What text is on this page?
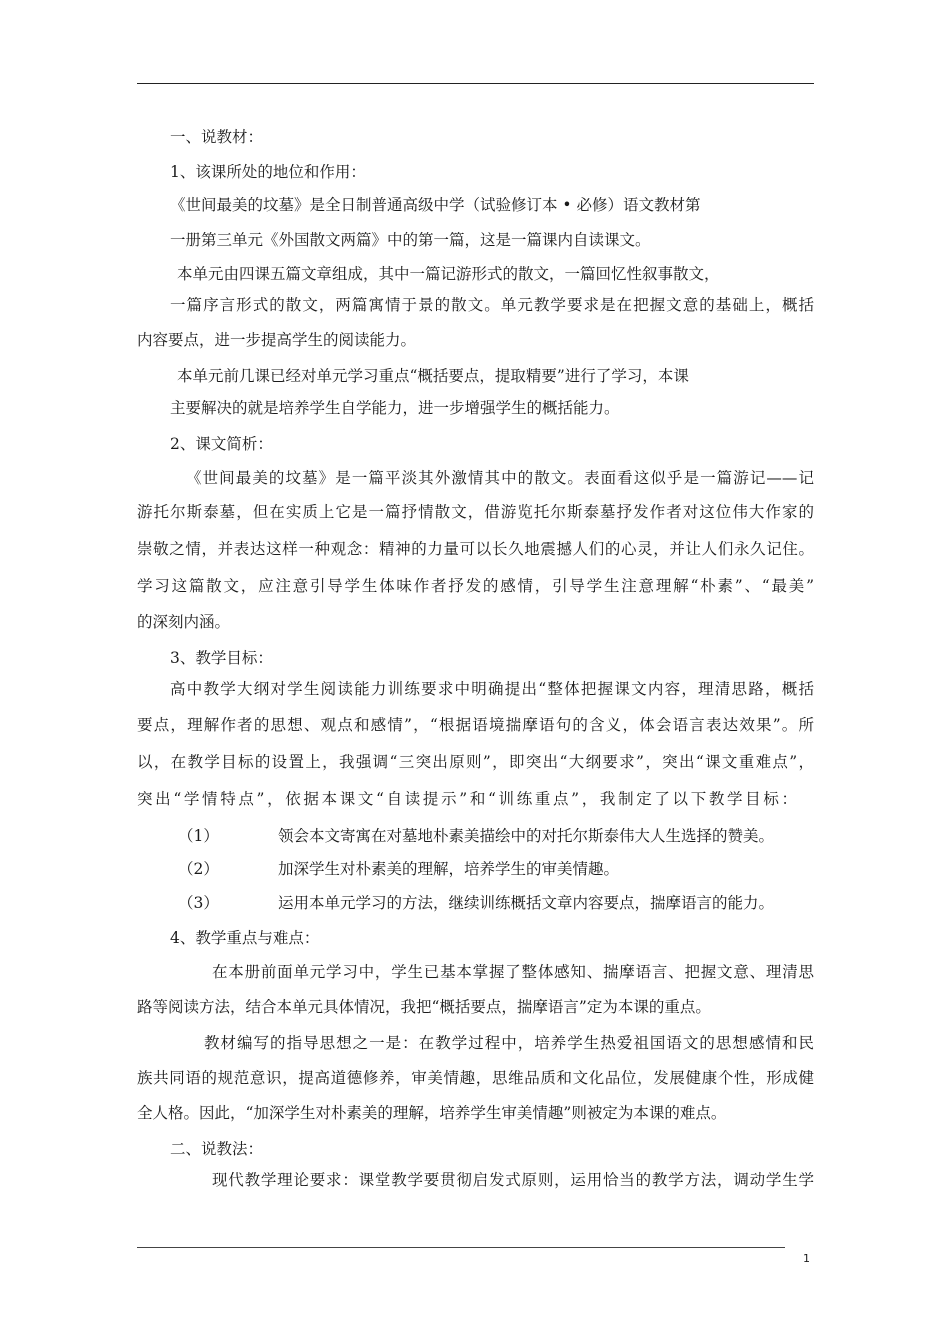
一、说教材：
1、该课所处的地位和作用：
《世间最美的坟墓》是全日制普通高级中学（试验修订本 • 必修）语文教材第
一册第三单元《外国散文两篇》中的第一篇，这是一篇课内自读课文。
本单元由四课五篇文章组成，其中一篇记游形式的散文，一篇回忆性叙事散文，
一篇序言形式的散文，两篇寓情于景的散文。单元教学要求是在把握文意的基础上，概括
内容要点，进一步提高学生的阅读能力。
本单元前几课已经对单元学习重点“概括要点，提取精要”进行了学习，本课
主要解决的就是培养学生自学能力，进一步增强学生的概括能力。
2、课文简析：
《世间最美的坟墓》是一篇平淡其外激情其中的散文。表面看这似乎是一篇游记——记
游托尔斯泰墓，但在实质上它是一篇抒情散文，借游览托尔斯泰墓抒发作者对这位伟大作家的
崇敬之情，并表达这样一种观念：精神的力量可以长久地震撼人们的心灵，并让人们永久记住。
学习这篇散文，应注意引导学生体味作者抒发的感情，引导学生注意理解“朴素”、“最美”
的深刻内涵。
3、教学目标：
高中教学大纲对学生阅读能力训练要求中明确提出“整体把握课文内容，理清思路，概括
要点，理解作者的思想、观点和感情”，“根据语境揣摩语句的含义，体会语言表达效果”。所
以，在教学目标的设置上，我强调“三突出原则”，即突出“大纲要求”，突出“课文重难点”，
突出“学情特点”，依据本课文“自读提示”和“训练重点”，我制定了以下教学目标：
（1）	领会本文寄寓在对墓地朴素美描绘中的对托尔斯泰伟大人生选择的赞美。
（2）	加深学生对朴素美的理解，培养学生的审美情趣。
（3）	运用本单元学习的方法，继续训练概括文章内容要点，揣摩语言的能力。
4、教学重点与难点：
在本册前面单元学习中，学生已基本掌握了整体感知、揣摩语言、把握文意、理清思
路等阅读方法，结合本单元具体情况，我把“概括要点，揣摩语言”定为本课的重点。
教材编写的指导思想之一是：在教学过程中，培养学生热爱祖国语文的思想感情和民
族共同语的规范意识，提高道德修养，审美情趣，思维品质和文化品位，发展健康个性，形成健
全人格。因此，“加深学生对朴素美的理解，培养学生审美情趣”则被定为本课的难点。
二、说教法：
现代教学理论要求：课堂教学要贯彻启发式原则，运用恰当的教学方法，调动学生学
1
